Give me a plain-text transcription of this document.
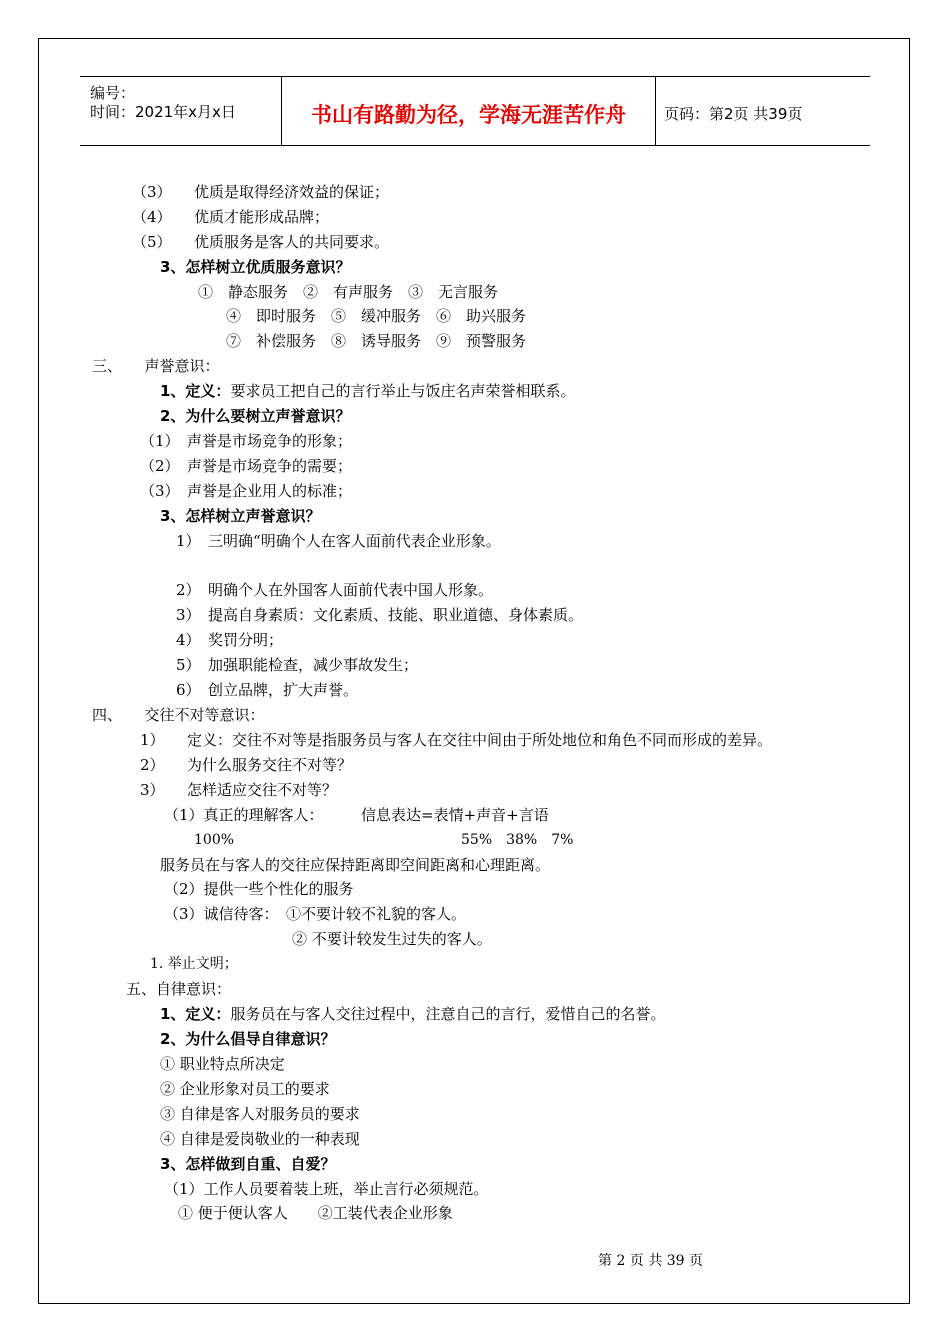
编号：
时间：2021年x月x日	书山有路勤为径，学海无涯苦作舟	页码：第2页 共39页
（3）　　优质是取得经济效益的保证；
（4）　　优质才能形成品牌；
（5）　　优质服务是客人的共同要求。
3、怎样树立优质服务意识？
①　静态服务　②　有声服务　③　无言服务
④　即时服务　⑤　缓冲服务　⑥　助兴服务
⑦　补偿服务　⑧　诱导服务　⑨　预警服务
三、　　声誉意识：
1、定义：要求员工把自己的言行举止与饭庄名声荣誉相联系。
2、为什么要树立声誉意识？
（1）　声誉是市场竞争的形象；
（2）　声誉是市场竞争的需要；
（3）　声誉是企业用人的标准；
3、怎样树立声誉意识？
1）　三明确“明确个人在客人面前代表企业形象。
2）　明确个人在外国客人面前代表中国人形象。
3）　提高自身素质：文化素质、技能、职业道德、身体素质。
4）　奖罚分明；
5）　加强职能检查，减少事故发生；
6）　创立品牌，扩大声誉。
四、　　交往不对等意识：
1）　　定义：交往不对等是指服务员与客人在交往中间由于所处地位和角色不同而形成的差异。
2）　　为什么服务交往不对等？
3）　　怎样适应交往不对等？
（1）真正的理解客人：　　　信息表达=表情+声音+言语
100%	55%　38%　7%
服务员在与客人的交往应保持距离即空间距离和心理距离。
（2）提供一些个性化的服务
（3）诚信待客：　①不要计较不礼貌的客人。
② 不要计较发生过失的客人。
1. 举止文明；
五、自律意识：
1、定义：服务员在与客人交往过程中，注意自己的言行，爱惜自己的名誉。
2、为什么倡导自律意识？
① 职业特点所决定
② 企业形象对员工的要求
③ 自律是客人对服务员的要求
④ 自律是爱岗敬业的一种表现
3、怎样做到自重、自爱？
（1）工作人员要着装上班，举止言行必须规范。
① 便于便认客人　　②工装代表企业形象
第 2 页 共 39 页
